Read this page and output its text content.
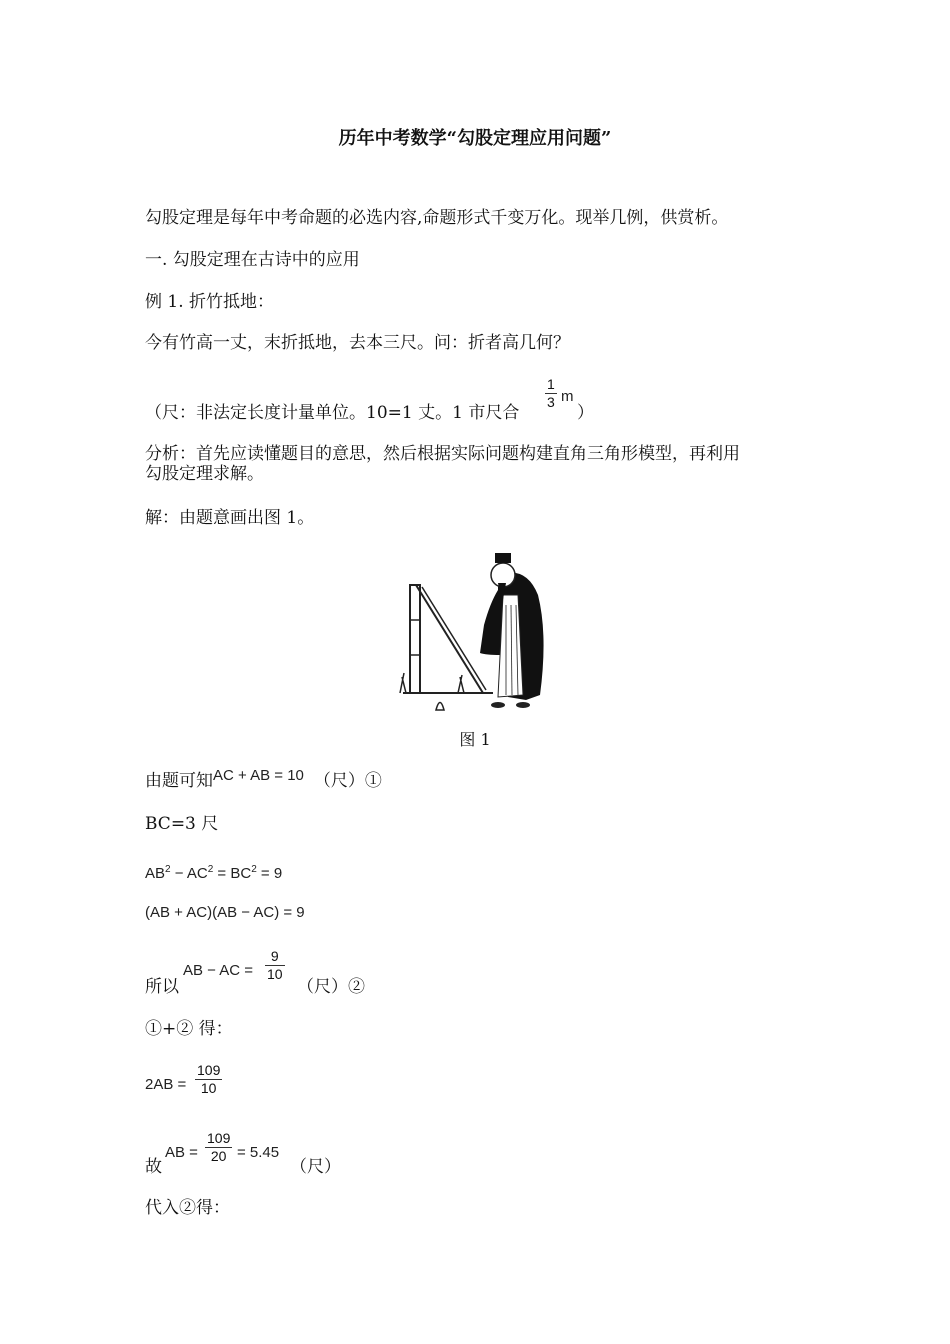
历年中考数学“勾股定理应用问题”
勾股定理是每年中考命题的必选内容,命题形式千变万化。现举几例，供赏析。
一. 勾股定理在古诗中的应用
例 1. 折竹抵地：
今有竹高一丈，末折抵地，去本三尺。问：折者高几何？
（尺：非法定长度计量单位。10=1 丈。1 市尺合
$\frac{1}{3}$ m
）
分析：首先应读懂题目的意思，然后根据实际问题构建直角三角形模型，再利用
勾股定理求解。
解：由题意画出图 1。
图 1
由题可知AC + AB = 10 （尺）①
BC=3 尺
$AB^2 - AC^2 = BC^2 = 9$
(AB + AC)(AB − AC) = 9
所以
AB − AC = $\frac{9}{10}$
（尺）②
①+② 得：
$2AB = \frac{109}{10}$
故
AB = $\frac{109}{20} = 5.45$
（尺）
代入②得：
